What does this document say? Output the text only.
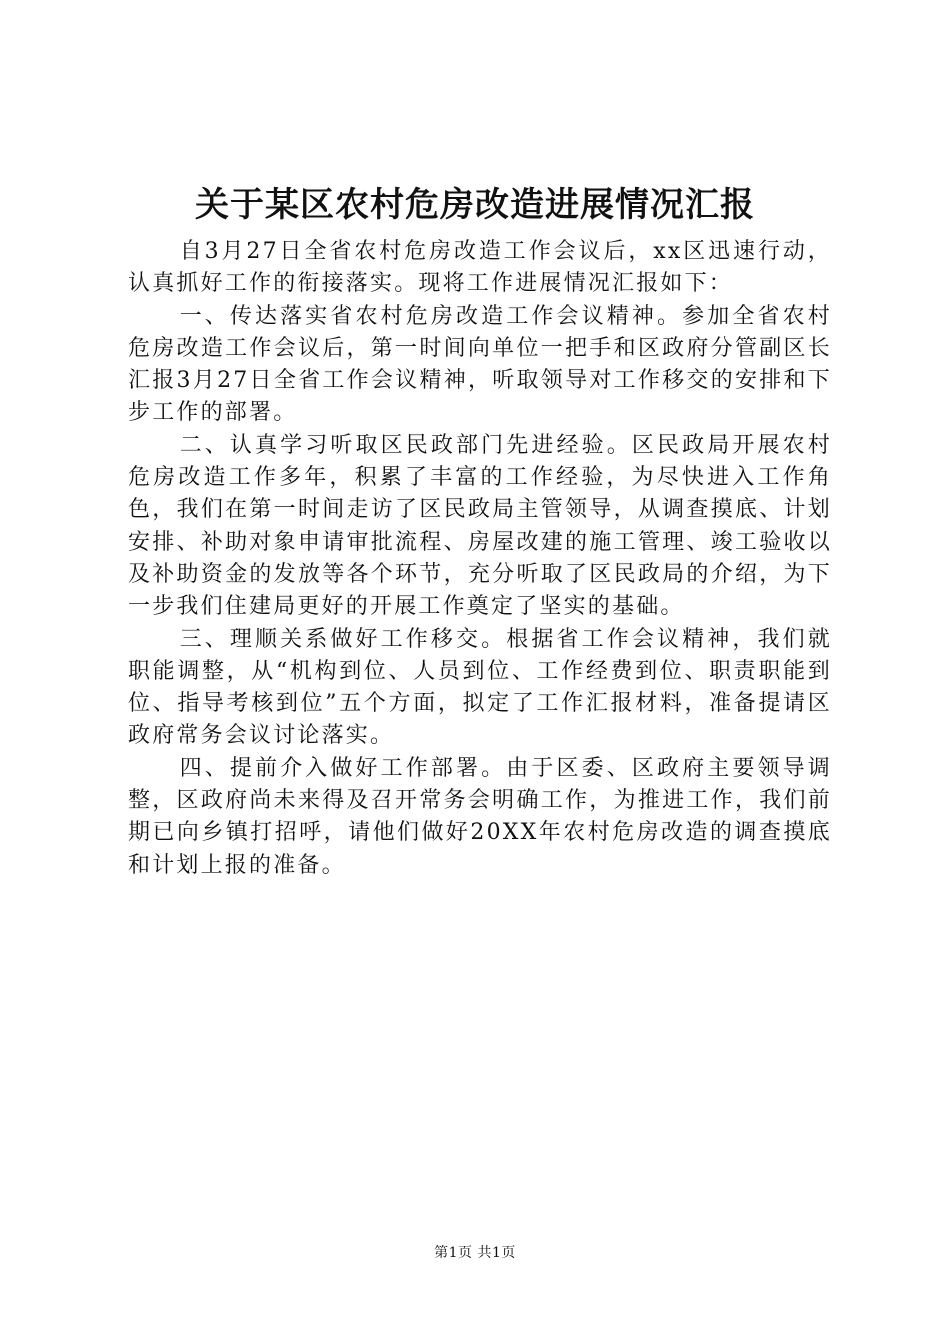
关于某区农村危房改造进展情况汇报

自3月27日全省农村危房改造工作会议后，xx区迅速行动，认真抓好工作的衔接落实。现将工作进展情况汇报如下：

一、传达落实省农村危房改造工作会议精神。参加全省农村危房改造工作会议后，第一时间向单位一把手和区政府分管副区长汇报3月27日全省工作会议精神，听取领导对工作移交的安排和下步工作的部署。

二、认真学习听取区民政部门先进经验。区民政局开展农村危房改造工作多年，积累了丰富的工作经验，为尽快进入工作角色，我们在第一时间走访了区民政局主管领导，从调查摸底、计划安排、补助对象申请审批流程、房屋改建的施工管理、竣工验收以及补助资金的发放等各个环节，充分听取了区民政局的介绍，为下一步我们住建局更好的开展工作奠定了坚实的基础。

三、理顺关系做好工作移交。根据省工作会议精神，我们就职能调整，从“机构到位、人员到位、工作经费到位、职责职能到位、指导考核到位”五个方面，拟定了工作汇报材料，准备提请区政府常务会议讨论落实。

四、提前介入做好工作部署。由于区委、区政府主要领导调整，区政府尚未来得及召开常务会明确工作，为推进工作，我们前期已向乡镇打招呼，请他们做好20XX年农村危房改造的调查摸底和计划上报的准备。

第1页 共1页
